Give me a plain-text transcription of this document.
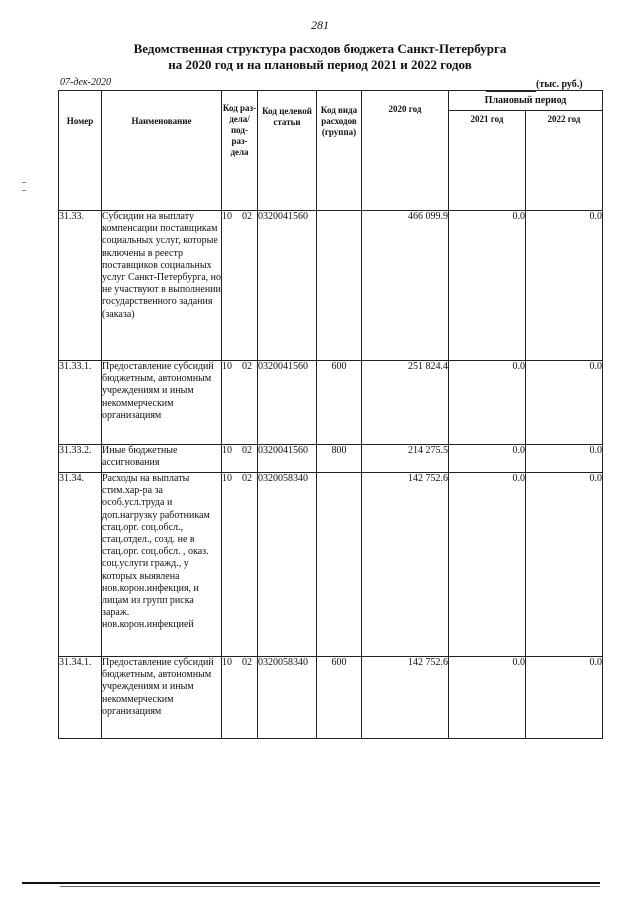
281
Ведомственная структура расходов бюджета Санкт-Петербурга
на 2020 год и на плановый период 2021 и 2022 годов
07-дек-2020	(тыс. руб.)
Номер	Наименование	Код раз- дела/ под- раз- дела	Код целевой статьи	Код вида расходов (группа)	2020 год	Плановый период	
						2021 год	2022 год
31.33.	Субсидии на выплату компенсации поставщикам социальных услуг, которые включены в реестр поставщиков социальных услуг Санкт-Петербурга, но не участвуют в выполнении государственного задания (заказа)	10 02	0320041560		466 099.9	0.0	0.0
31.33.1.	Предоставление субсидий бюджетным, автономным учреждениям и иным некоммерческим организациям	10 02	0320041560	600	251 824.4	0.0	0.0
31.33.2.	Иные бюджетные ассигнования	10 02	0320041560	800	214 275.5	0.0	0.0
31.34.	Расходы на выплаты стим.хар-ра за особ.усл.труда и доп.нагрузку работникам стац.орг. соц.обсл., стац.отдел., созд. не в стац.орг. соц.обсл. , оказ. соц.услуги гражд., у которых выявлена нов.корон.инфекция, и лицам из групп риска зараж. нов.корон.инфекцией	10 02	0320058340		142 752.6	0.0	0.0
31.34.1.	Предоставление субсидий бюджетным, автономным учреждениям и иным некоммерческим организациям	10 02	0320058340	600	142 752.6	0.0	0.0
